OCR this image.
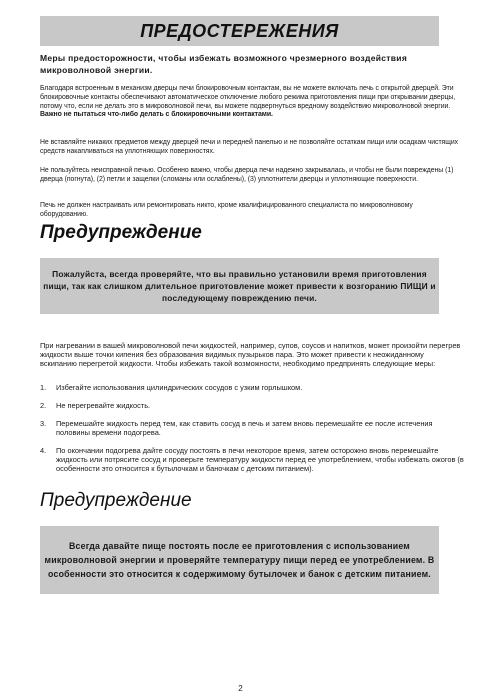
ПРЕДОСТЕРЕЖЕНИЯ
Меры предосторожности, чтобы избежать возможного чрезмерного воздействия микроволновой энергии.
Благодаря встроенным в механизм дверцы печи блокировочным контактам, вы не можете включать печь с открытой дверцей. Эти блокировочные контакты обеспечивают автоматическое отключение любого режима приготовления пищи при открывании дверцы, потому что, если не делать это в микроволновой печи, вы можете подвергнуться вредному воздействию микроволновой энергии.
Важно не пытаться что-либо делать с блокировочными контактами.
Не вставляйте никаких предметов между дверцей печи и передней панелью и не позволяйте остаткам пищи или осадкам чистящих средств накапливаться на уплотняющих поверхностях.
Не пользуйтесь неисправной печью. Особенно важно, чтобы дверца печи надежно закрывалась, и чтобы не были повреждены (1) дверца (погнута), (2) петли и защелки (сломаны или ослаблены), (3) уплотнители дверцы и уплотняющие поверхности.
Печь не должен настраивать или ремонтировать никто, кроме квалифицированного специалиста по микроволновому оборудованию.
Предупреждение

Пожалуйста, всегда проверяйте, что вы правильно установили время приготовления пищи, так как слишком длительное приготовление может привести к возгоранию ПИЩИ и последующему повреждению печи.

При нагревании в вашей микроволновой печи жидкостей, например, супов, соусов и напитков, может произойти перегрев жидкости выше точки кипения без образования видимых пузырьков пара. Это может привести к неожиданному вскипанию перегретой жидкости. Чтобы избежать такой возможности, необходимо предпринять следующие меры:
1.	Избегайте использования цилиндрических сосудов с узким горлышком.
2.	Не перегревайте жидкость.
3.	Перемешайте жидкость перед тем, как ставить сосуд в печь и затем вновь перемешайте ее после истечения половины времени подогрева.
4.	По окончании подогрева дайте сосуду постоять в печи некоторое время, затем осторожно вновь перемешайте жидкость или потрясите сосуд и проверьте температуру жидкости перед ее употреблением, чтобы избежать ожогов (в особенности это относится к бутылочкам и баночкам с детским питанием).
Предупреждение

Всегда давайте пище постоять после ее приготовления с использованием микроволновой энергии и проверяйте температуру пищи перед ее употреблением. В особенности это относится к содержимому бутылочек и банок с детским питанием.

2
